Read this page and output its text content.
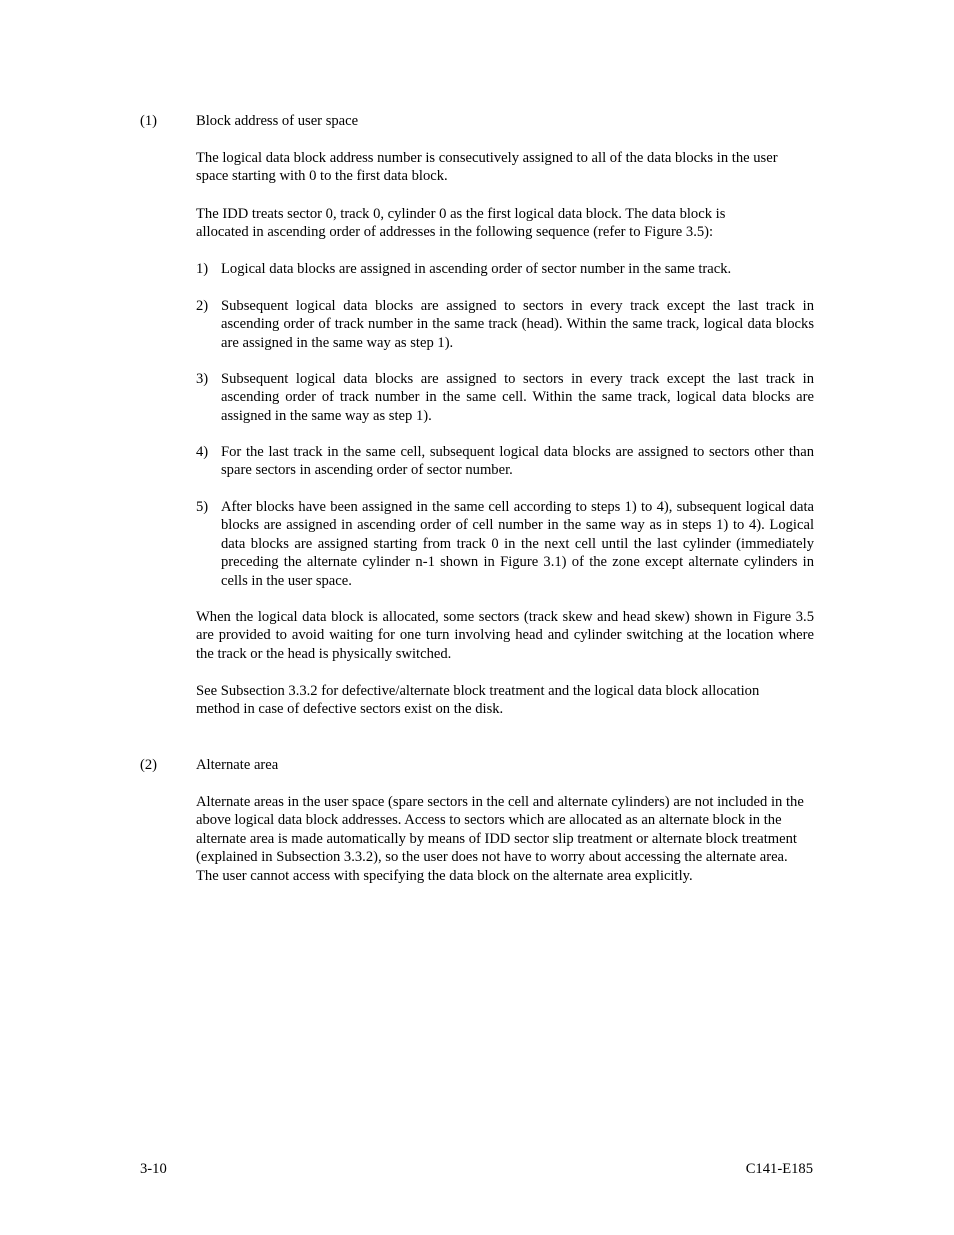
(1)	Block address of user space

The logical data block address number is consecutively assigned to all of the data blocks in the user space starting with 0 to the first data block.

The IDD treats sector 0, track 0, cylinder 0 as the first logical data block. The data block is allocated in ascending order of addresses in the following sequence (refer to Figure 3.5):

1) Logical data blocks are assigned in ascending order of sector number in the same track.
2) Subsequent logical data blocks are assigned to sectors in every track except the last track in ascending order of track number in the same track (head). Within the same track, logical data blocks are assigned in the same way as step 1).
3) Subsequent logical data blocks are assigned to sectors in every track except the last track in ascending order of track number in the same cell. Within the same track, logical data blocks are assigned in the same way as step 1).
4) For the last track in the same cell, subsequent logical data blocks are assigned to sectors other than spare sectors in ascending order of sector number.
5) After blocks have been assigned in the same cell according to steps 1) to 4), subsequent logical data blocks are assigned in ascending order of cell number in the same way as in steps 1) to 4). Logical data blocks are assigned starting from track 0 in the next cell until the last cylinder (immediately preceding the alternate cylinder n-1 shown in Figure 3.1) of the zone except alternate cylinders in cells in the user space.

When the logical data block is allocated, some sectors (track skew and head skew) shown in Figure 3.5 are provided to avoid waiting for one turn involving head and cylinder switching at the location where the track or the head is physically switched.

See Subsection 3.3.2 for defective/alternate block treatment and the logical data block allocation method in case of defective sectors exist on the disk.

(2)	Alternate area

Alternate areas in the user space (spare sectors in the cell and alternate cylinders) are not included in the above logical data block addresses. Access to sectors which are allocated as an alternate block in the alternate area is made automatically by means of IDD sector slip treatment or alternate block treatment (explained in Subsection 3.3.2), so the user does not have to worry about accessing the alternate area. The user cannot access with specifying the data block on the alternate area explicitly.

3-10	C141-E185
